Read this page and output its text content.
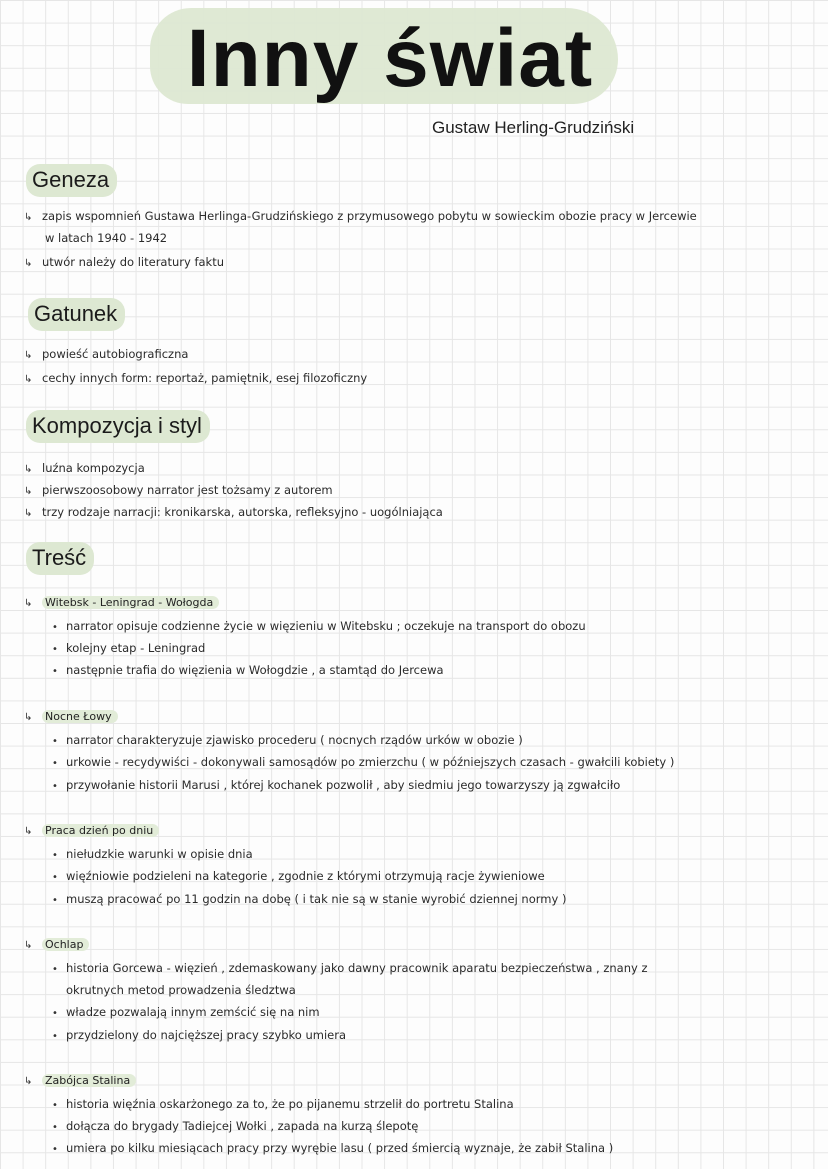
Inny świat
Gustaw Herling-Grudziński
Geneza
↳ zapis wspomnień Gustawa Herlinga-Grudzińskiego z przymusowego pobytu w sowieckim obozie pracy w Jercewie
w latach 1940 - 1942
↳ utwór należy do literatury faktu
Gatunek
↳ powieść autobiograficzna
↳ cechy innych form: reportaż, pamiętnik, esej filozoficzny
Kompozycja i styl
↳ luźna kompozycja
↳ pierwszoosobowy narrator jest tożsamy z autorem
↳ trzy rodzaje narracji: kronikarska, autorska, refleksyjno - uogólniająca
Treść
↳ Witebsk - Leningrad - Wołogda
• narrator opisuje codzienne życie w więzieniu w Witebsku ; oczekuje na transport do obozu
• kolejny etap - Leningrad
• następnie trafia do więzienia w Wołogdzie , a stamtąd do Jercewa
↳ Nocne Łowy
• narrator charakteryzuje zjawisko procederu ( nocnych rządów urków w obozie )
• urkowie - recydywiści - dokonywali samosądów po zmierzchu ( w późniejszych czasach - gwałcili kobiety )
• przywołanie historii Marusi , której kochanek pozwolił , aby siedmiu jego towarzyszy ją zgwałciło
↳ Praca dzień po dniu
• niełudzkie warunki w opisie dnia
• więźniowie podzieleni na kategorie , zgodnie z którymi otrzymują racje żywieniowe
• muszą pracować po 11 godzin na dobę ( i tak nie są w stanie wyrobić dziennej normy )
↳ Ochlap
• historia Gorcewa - więzień , zdemaskowany jako dawny pracownik aparatu bezpieczeństwa , znany z
okrutnych metod prowadzenia śledztwa
• władze pozwalają innym zemścić się na nim
• przydzielony do najcięższej pracy szybko umiera
↳ Zabójca Stalina
• historia więźnia oskarżonego za to, że po pijanemu strzelił do portretu Stalina
• dołącza do brygady Tadiejcej Wołki , zapada na kurzą ślepotę
• umiera po kilku miesiącach pracy przy wyrębie lasu ( przed śmiercią wyznaje, że zabił Stalina )
